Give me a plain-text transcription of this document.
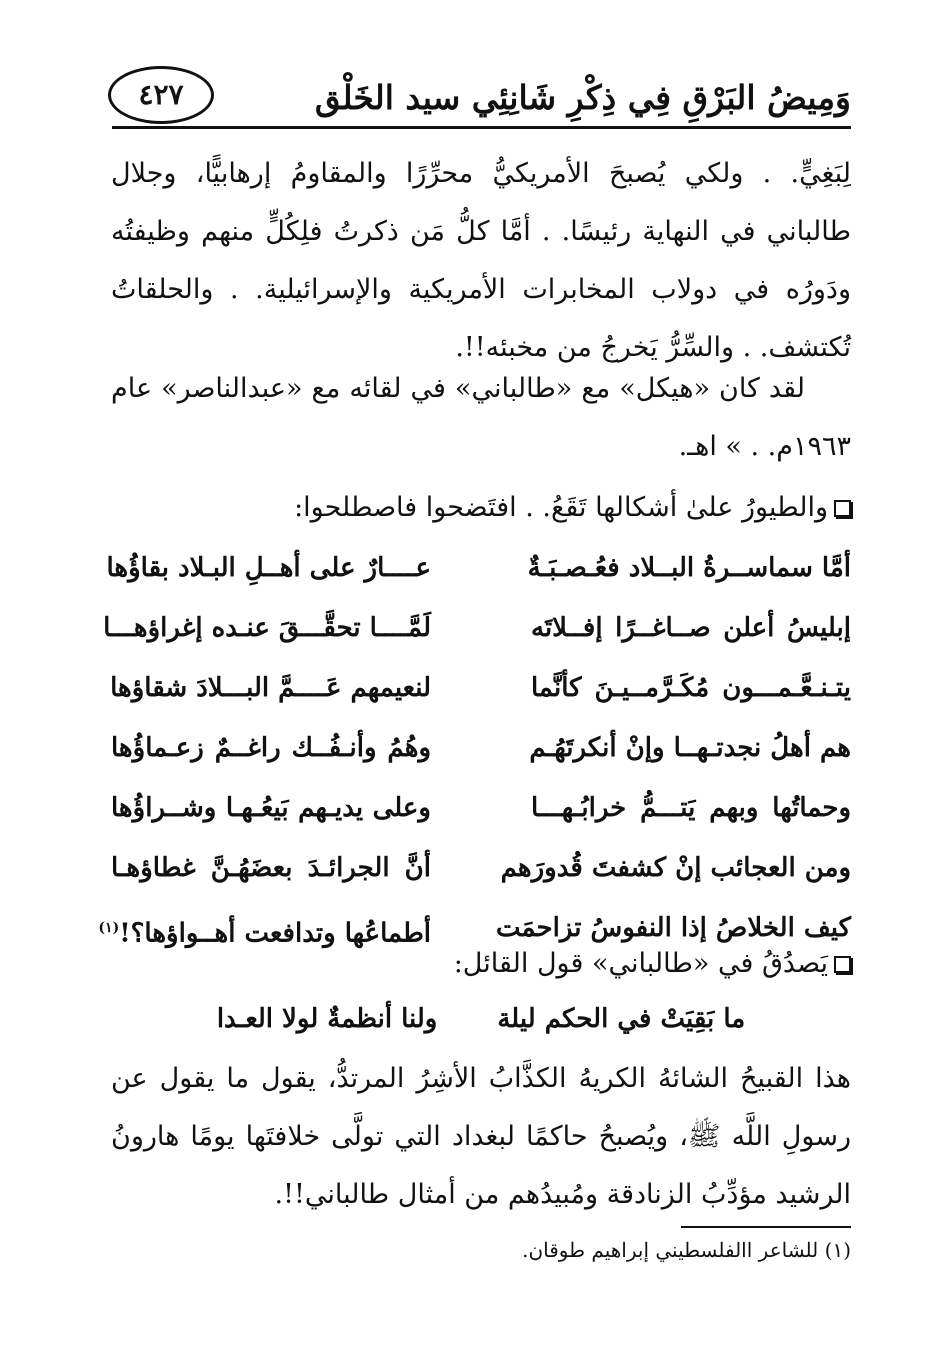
وَمِيضُ البَرْقِ فِي ذِكْرِ شَانِئِي سيد الخَلْق
٤٢٧
لِبَغِيٍّ. . ولكي يُصبحَ الأمريكيُّ محرِّرًا والمقاومُ إرهابيًّا، وجلال طالباني في النهاية رئيسًا. . أمَّا كلُّ مَن ذكرتُ فلِكُلٍّ منهم وظيفتُه ودَورُه في دولاب المخابرات الأمريكية والإسرائيلية. . والحلقاتُ تُكتشف. . والسِّرُّ يَخرجُ من مخبئه!!.
لقد كان «هيكل» مع «طالباني» في لقائه مع «عبدالناصر» عام ١٩٦٣م. . » اهـ.
والطيورُ علىٰ أشكالها تَقَعُ. . افتَضحوا فاصطلحوا:
أمَّا سماســرةُ البــلاد فعُـصـبَـةٌ
عــــارٌ على أهــلِ البـلاد بقاؤُها
إبليسُ أعلن صــاغــرًا إفــلاتَه
لَمَّــــا تحقَّـــقَ عنـده إغراؤهـــا
يتـنـعَّـمـــون مُكَـرَّمــيـنَ كأنَّما
لنعيمهم عَــــمَّ البـــلادَ شقاؤها
هم أهلُ نجدتـهــا وإنْ أنكرتَهُـم
وهُمُ وأنـفُــك راغــمٌ زعـماؤُها
وحماتُها وبهم يَتـــمُّ خرابُـهـــا
وعلى يديـهم بَيعُـهـا وشــراؤُها
ومن العجائب إنْ كشفتَ قُدورَهم
أنَّ الجرائـدَ بعضَهُـنَّ غطاؤهـا
كيف الخلاصُ إذا النفوسُ تزاحمَت
أطماعُها وتدافعت أهــواؤها؟!$^{(١)}$
يَصدُقُ في «طالباني» قول القائل:
ولنا أنظمةٌ لولا العـدا ما بَقِيَتْ في الحكم ليلة
هذا القبيحُ الشائهُ الكريهُ الكذَّابُ الأشِرُ المرتدُّ، يقول ما يقول عن رسولِ اللَّه ﷺ، ويُصبحُ حاكمًا لبغداد التي تولَّى خلافتَها يومًا هارونُ الرشيد مؤدِّبُ الزنادقة ومُبيدُهم من أمثال طالباني!!.
(١) للشاعر االفلسطيني إبراهيم طوقان.
